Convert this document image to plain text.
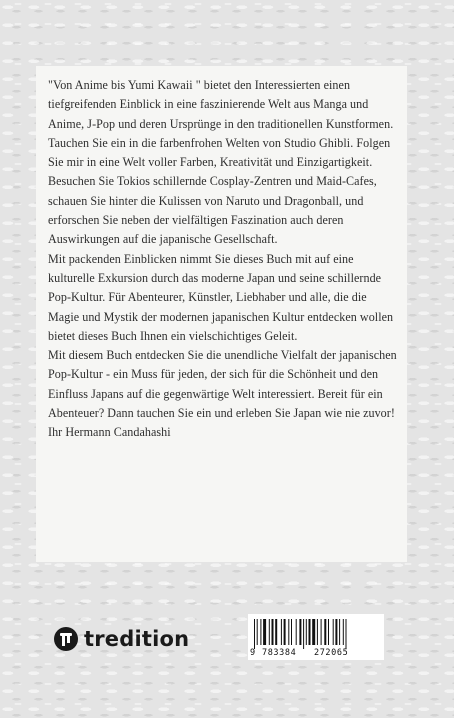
"Von Anime bis Yumi Kawaii " bietet den Interessierten einen tiefgreifenden Einblick in eine faszinierende Welt aus Manga und Anime, J-Pop und deren Ursprünge in den traditionellen Kunstformen. Tauchen Sie ein in die farbenfrohen Welten von Studio Ghibli. Folgen Sie mir in eine Welt voller Farben, Kreativität und Einzigartigkeit. Besuchen Sie Tokios schillernde Cosplay-Zentren und Maid-Cafes, schauen Sie hinter die Kulissen von Naruto und Dragonball, und erforschen Sie neben der vielfältigen Faszination auch deren Auswirkungen auf die japanische Gesellschaft.

Mit packenden Einblicken nimmt Sie dieses Buch mit auf eine kulturelle Exkursion durch das moderne Japan und seine schillernde Pop-Kultur. Für Abenteurer, Künstler, Liebhaber und alle, die die Magie und Mystik der modernen japanischen Kultur entdecken wollen bietet dieses Buch Ihnen ein vielschichtiges Geleit.

Mit diesem Buch entdecken Sie die unendliche Vielfalt der japanischen Pop-Kultur - ein Muss für jeden, der sich für die Schönheit und den Einfluss Japans auf die gegenwärtige Welt interessiert. Bereit für ein Abenteuer? Dann tauchen Sie ein und erleben Sie Japan wie nie zuvor!

Ihr Hermann Candahashi

tredition
9 783384 272065
